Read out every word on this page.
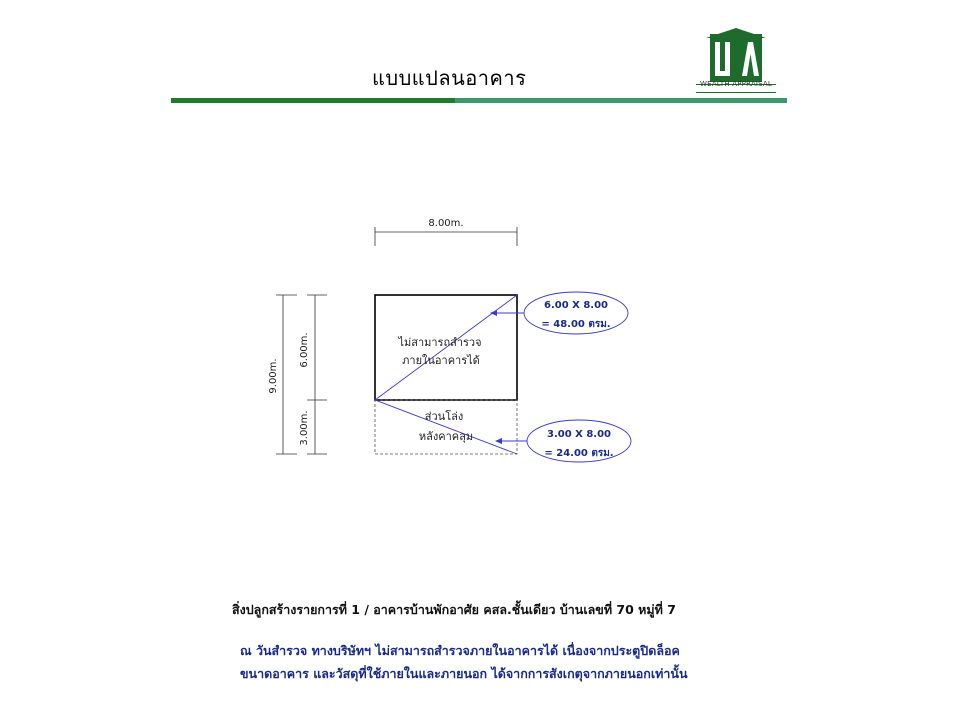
แบบแปลนอาคาร	WEALTH APPRAISAL
8.00m.
ไม่สามารถสำรวจ
ภายในอาคารได้
ส่วนโล่ง
หลังคาคลุม
9.00m.
6.00m.
3.00m.
6.00 X 8.00
= 48.00 ตรม.
3.00 X 8.00
= 24.00 ตรม.
สิ่งปลูกสร้างรายการที่ 1 / อาคารบ้านพักอาศัย คสล.ชั้นเดียว บ้านเลขที่ 70 หมู่ที่ 7
ณ วันสำรวจ ทางบริษัทฯ ไม่สามารถสำรวจภายในอาคารได้ เนื่องจากประตูปิดล็อค
ขนาดอาคาร และวัสดุที่ใช้ภายในและภายนอก ได้จากการสังเกตุจากภายนอกเท่านั้น
